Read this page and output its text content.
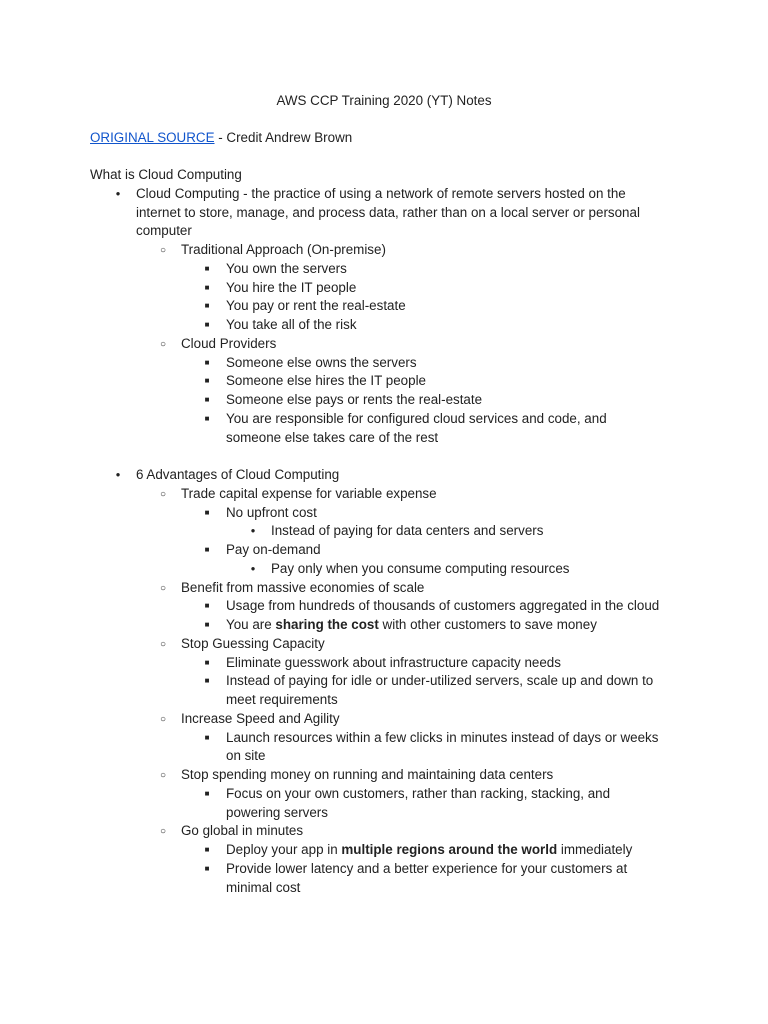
AWS CCP Training 2020 (YT) Notes
ORIGINAL SOURCE - Credit Andrew Brown
What is Cloud Computing
●
Cloud Computing - the practice of using a network of remote servers hosted on the
internet to store, manage, and process data, rather than on a local server or personal
computer
○
Traditional Approach (On-premise)
■
You own the servers
■
You hire the IT people
■
You pay or rent the real-estate
■
You take all of the risk
○
Cloud Providers
■
Someone else owns the servers
■
Someone else hires the IT people
■
Someone else pays or rents the real-estate
■
You are responsible for configured cloud services and code, and
someone else takes care of the rest
●
6 Advantages of Cloud Computing
○
Trade capital expense for variable expense
■
No upfront cost
●
Instead of paying for data centers and servers
■
Pay on-demand
●
Pay only when you consume computing resources
○
Benefit from massive economies of scale
■
Usage from hundreds of thousands of customers aggregated in the cloud
■
You are sharing the cost with other customers to save money
○
Stop Guessing Capacity
■
Eliminate guesswork about infrastructure capacity needs
■
Instead of paying for idle or under-utilized servers, scale up and down to
meet requirements
○
Increase Speed and Agility
■
Launch resources within a few clicks in minutes instead of days or weeks
on site
○
Stop spending money on running and maintaining data centers
■
Focus on your own customers, rather than racking, stacking, and
powering servers
○
Go global in minutes
■
Deploy your app in multiple regions around the world immediately
■
Provide lower latency and a better experience for your customers at
minimal cost
